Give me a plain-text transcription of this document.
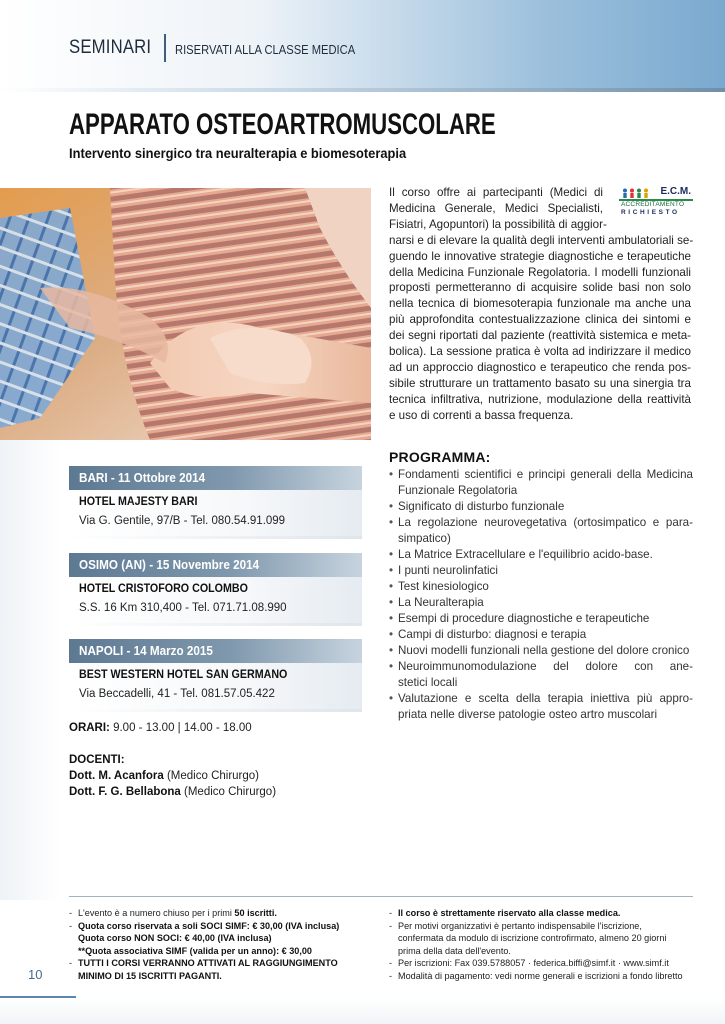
SEMINARI RISERVATI ALLA CLASSE MEDICA
APPARATO OSTEOARTROMUSCOLARE
Intervento sinergico tra neuralterapia e biomesoterapia
Il corso offre ai partecipanti (Medici di
Medicina Generale, Medici Specialisti,
Fisiatri, Agopuntori) la possibilità di aggior-
narsi e di elevare la qualità degli interventi ambulatoriali se-
guendo le innovative strategie diagnostiche e terapeutiche
della Medicina Funzionale Regolatoria. I modelli funzionali
proposti permetteranno di acquisire solide basi non solo
nella tecnica di biomesoterapia funzionale ma anche una
più approfondita contestualizzazione clinica dei sintomi e
dei segni riportati dal paziente (reattività sistemica e meta-
bolica). La sessione pratica è volta ad indirizzare il medico
ad un approccio diagnostico e terapeutico che renda pos-
sibile strutturare un trattamento basato su una sinergia tra
tecnica infiltrativa, nutrizione, modulazione della reattività
e uso di correnti a bassa frequenza.
E.C.M.
ACCREDITAMENTO
RICHIESTO
BARI - 11 Ottobre 2014
HOTEL MAJESTY BARI
Via G. Gentile, 97/B - Tel. 080.54.91.099
OSIMO (AN) - 15 Novembre 2014
HOTEL CRISTOFORO COLOMBO
S.S. 16 Km 310,400 - Tel. 071.71.08.990
NAPOLI - 14 Marzo 2015
BEST WESTERN HOTEL SAN GERMANO
Via Beccadelli, 41 - Tel. 081.57.05.422
ORARI: 9.00 - 13.00 | 14.00 - 18.00
DOCENTI:
Dott. M. Acanfora (Medico Chirurgo)
Dott. F. G. Bellabona (Medico Chirurgo)
PROGRAMMA:
• Fondamenti scientifici e principi generali della Medicina
Funzionale Regolatoria
• Significato di disturbo funzionale
• La regolazione neurovegetativa (ortosimpatico e para-
simpatico)
• La Matrice Extracellulare e l'equilibrio acido-base.
• I punti neurolinfatici
• Test kinesiologico
• La Neuralterapia
• Esempi di procedure diagnostiche e terapeutiche
• Campi di disturbo: diagnosi e terapia
• Nuovi modelli funzionali nella gestione del dolore cronico
• Neuroimmunomodulazione del dolore con ane-
stetici locali
• Valutazione e scelta della terapia iniettiva più appro-
priata nelle diverse patologie osteo artro muscolari
- L'evento è a numero chiuso per i primi 50 iscritti.
- Quota corso riservata a soli SOCI SIMF: € 30,00 (IVA inclusa)
Quota corso NON SOCI: € 40,00 (IVA inclusa)
**Quota associativa SIMF (valida per un anno): € 30,00
- TUTTI I CORSI VERRANNO ATTIVATI AL RAGGIUNGIMENTO
MINIMO DI 15 ISCRITTI PAGANTI.
- Il corso è strettamente riservato alla classe medica.
- Per motivi organizzativi è pertanto indispensabile l'iscrizione,
confermata da modulo di iscrizione controfirmato, almeno 20 giorni
prima della data dell'evento.
- Per iscrizioni: Fax 039.5788057 · federica.biffi@simf.it · www.simf.it
- Modalità di pagamento: vedi norme generali e iscrizioni a fondo libretto
10
